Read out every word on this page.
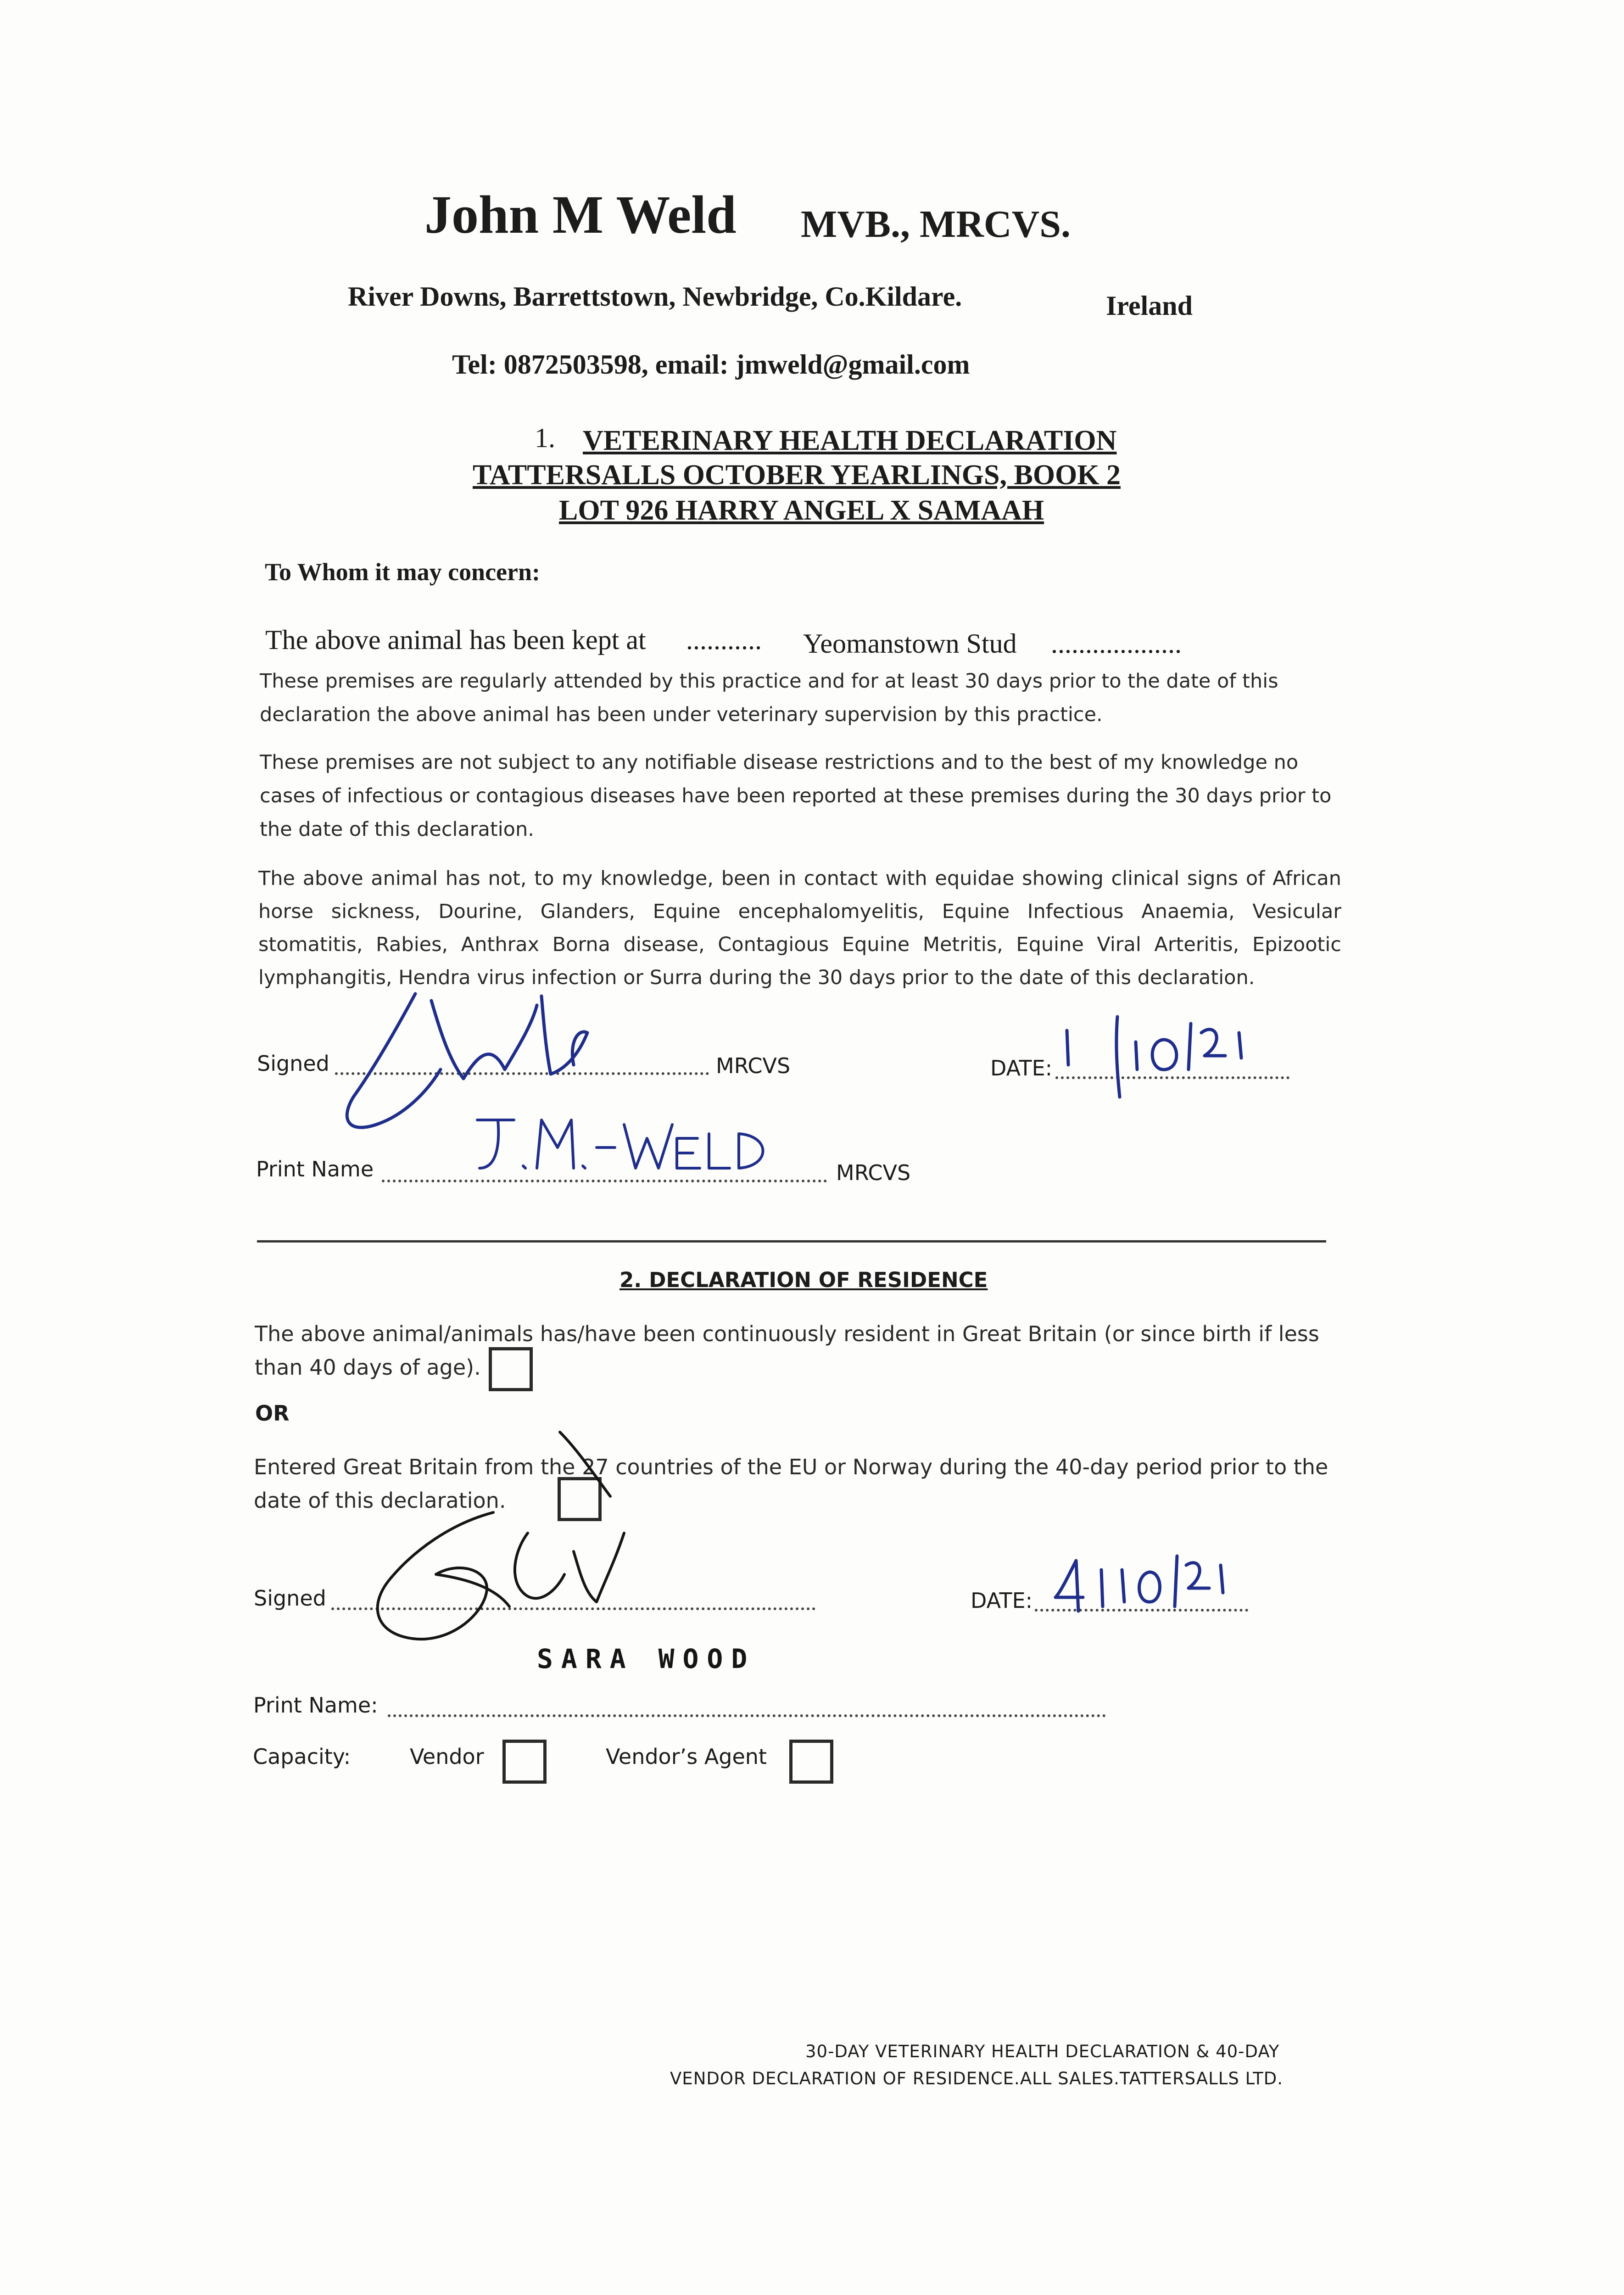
John M Weld MVB., MRCVS.
River Downs, Barrettstown, Newbridge, Co.Kildare.	Ireland
Tel: 0872503598, email: jmweld@gmail.com
1. VETERINARY HEALTH DECLARATION
TATTERSALLS OCTOBER YEARLINGS, BOOK 2
LOT 926 HARRY ANGEL X SAMAAH
To Whom it may concern:
The above animal has been kept at ........... Yeomanstown Stud ...................
These premises are regularly attended by this practice and for at least 30 days prior to the date of this declaration the above animal has been under veterinary supervision by this practice.
These premises are not subject to any notifiable disease restrictions and to the best of my knowledge no cases of infectious or contagious diseases have been reported at these premises during the 30 days prior to the date of this declaration.
The above animal has not, to my knowledge, been in contact with equidae showing clinical signs of African horse sickness, Dourine, Glanders, Equine encephalomyelitis, Equine Infectious Anaemia, Vesicular stomatitis, Rabies, Anthrax Borna disease, Contagious Equine Metritis, Equine Viral Arteritis, Epizootic lymphangitis, Hendra virus infection or Surra during the 30 days prior to the date of this declaration.
Signed	MRCVS	DATE:
Print Name	MRCVS
2. DECLARATION OF RESIDENCE
The above animal/animals has/have been continuously resident in Great Britain (or since birth if less than 40 days of age).
OR
Entered Great Britain from the 27 countries of the EU or Norway during the 40-day period prior to the date of this declaration.
Signed	DATE:
SARA WOOD
Print Name:
Capacity:	Vendor	Vendor’s Agent
30-DAY VETERINARY HEALTH DECLARATION & 40-DAY
VENDOR DECLARATION OF RESIDENCE.ALL SALES.TATTERSALLS LTD.
